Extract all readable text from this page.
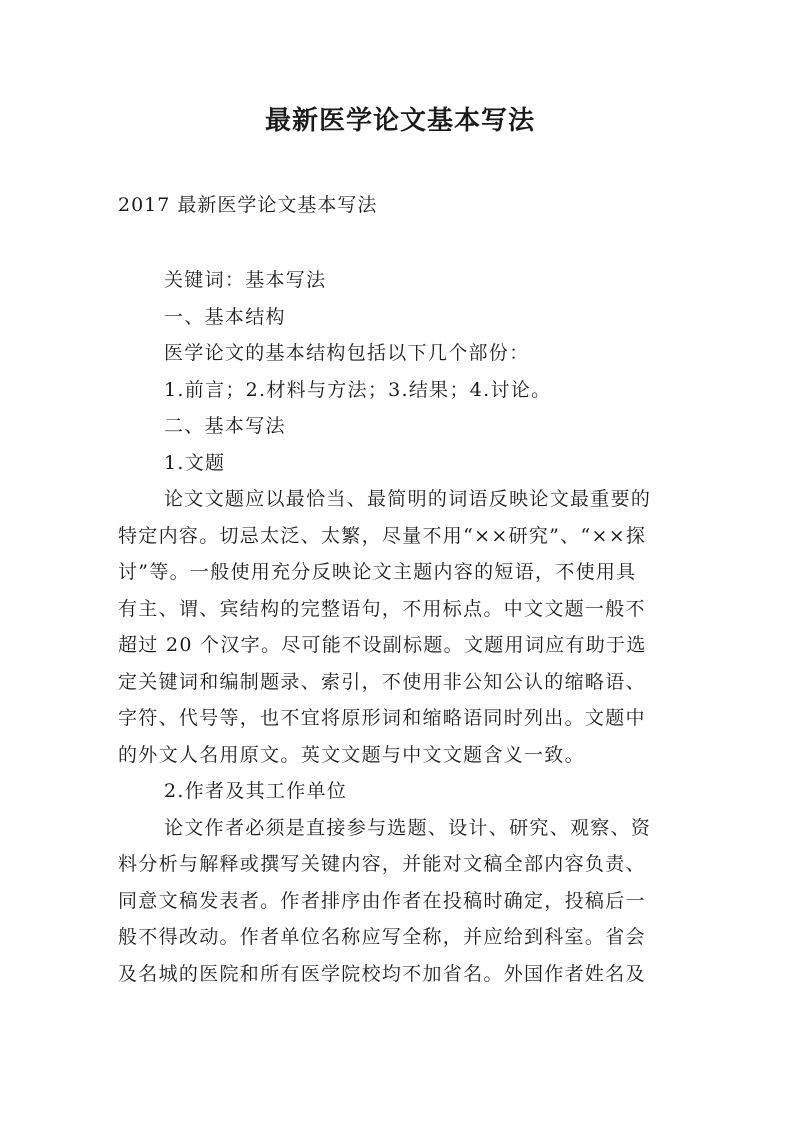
最新医学论文基本写法
2017 最新医学论文基本写法
关键词：基本写法
一、基本结构
医学论文的基本结构包括以下几个部份：
1.前言；2.材料与方法；3.结果；4.讨论。
二、基本写法
1.文题
论文文题应以最恰当、最简明的词语反映论文最重要的
特定内容。切忌太泛、太繁，尽量不用“××研究”、“××探
讨”等。一般使用充分反映论文主题内容的短语，不使用具
有主、谓、宾结构的完整语句，不用标点。中文文题一般不
超过 20 个汉字。尽可能不设副标题。文题用词应有助于选
定关键词和编制题录、索引，不使用非公知公认的缩略语、
字符、代号等，也不宜将原形词和缩略语同时列出。文题中
的外文人名用原文。英文文题与中文文题含义一致。
2.作者及其工作单位
论文作者必须是直接参与选题、设计、研究、观察、资
料分析与解释或撰写关键内容，并能对文稿全部内容负责、
同意文稿发表者。作者排序由作者在投稿时确定，投稿后一
般不得改动。作者单位名称应写全称，并应给到科室。省会
及名城的医院和所有医学院校均不加省名。外国作者姓名及
